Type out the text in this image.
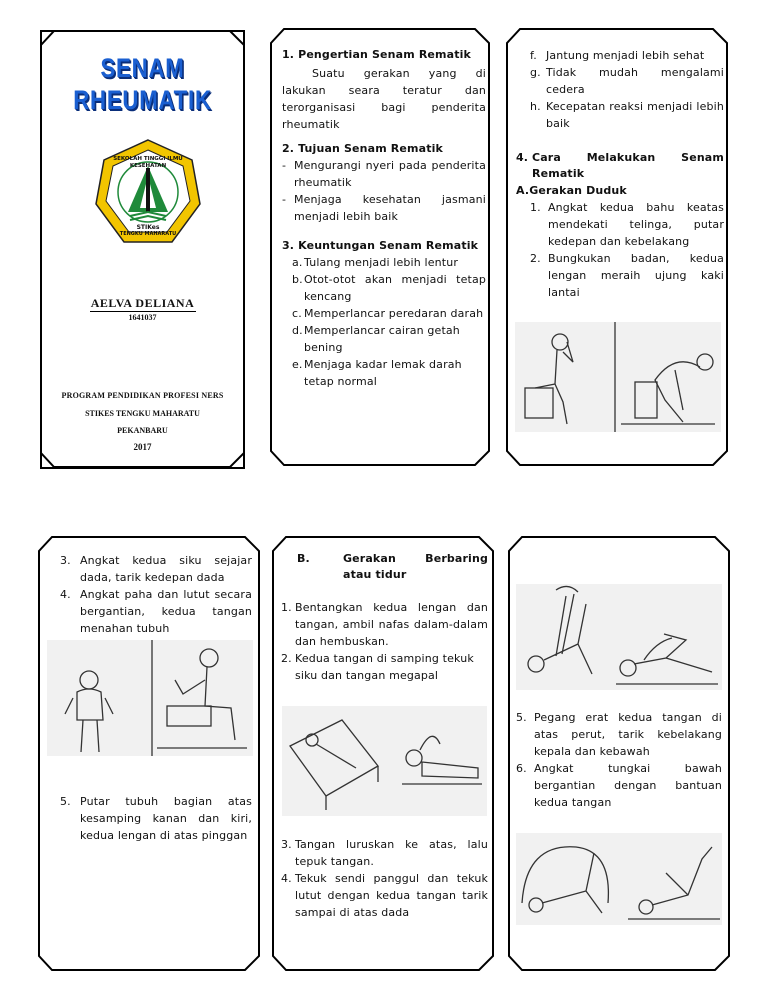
SENAM
RHEUMATIK
SEKOLAH TINGGI ILMU KESEHATAN
STIKes
TENGKU MAHARATU
AELVA DELIANA
1641037
PROGRAM PENDIDIKAN PROFESI NERS
STIKES TENGKU MAHARATU
PEKANBARU
2017
1. Pengertian Senam Rematik
Suatu gerakan yang di lakukan seara teratur dan terorganisasi bagi penderita rheumatik
2. Tujuan Senam Rematik
- Mengurangi nyeri pada penderita rheumatik
- Menjaga kesehatan jasmani menjadi lebih baik
3. Keuntungan Senam Rematik
a. Tulang menjadi lebih lentur
b. Otot-otot akan menjadi tetap kencang
c. Memperlancar peredaran darah
d. Memperlancar cairan getah bening
e. Menjaga kadar lemak darah tetap normal
f. Jantung menjadi lebih sehat
g. Tidak mudah mengalami cedera
h. Kecepatan reaksi menjadi lebih baik
4. Cara Melakukan Senam Rematik
A.Gerakan Duduk
1. Angkat kedua bahu keatas mendekati telinga, putar kedepan dan kebelakang
2. Bungkukan badan, kedua lengan meraih ujung kaki lantai
3. Angkat kedua siku sejajar dada, tarik kedepan dada
4. Angkat paha dan lutut secara bergantian, kedua tangan menahan tubuh
5. Putar tubuh bagian atas kesamping kanan dan kiri, kedua lengan di atas pinggan
B.	Gerakan Berbaring atau tidur
1. Bentangkan kedua lengan dan tangan, ambil nafas dalam-dalam dan hembuskan.
2. Kedua tangan di samping tekuk siku dan tangan megapal
3. Tangan luruskan ke atas, lalu tepuk tangan.
4. Tekuk sendi panggul dan tekuk lutut dengan kedua tangan tarik sampai di atas dada
5. Pegang erat kedua tangan di atas perut, tarik kebelakang kepala dan kebawah
6. Angkat tungkai bawah bergantian dengan bantuan kedua tangan
